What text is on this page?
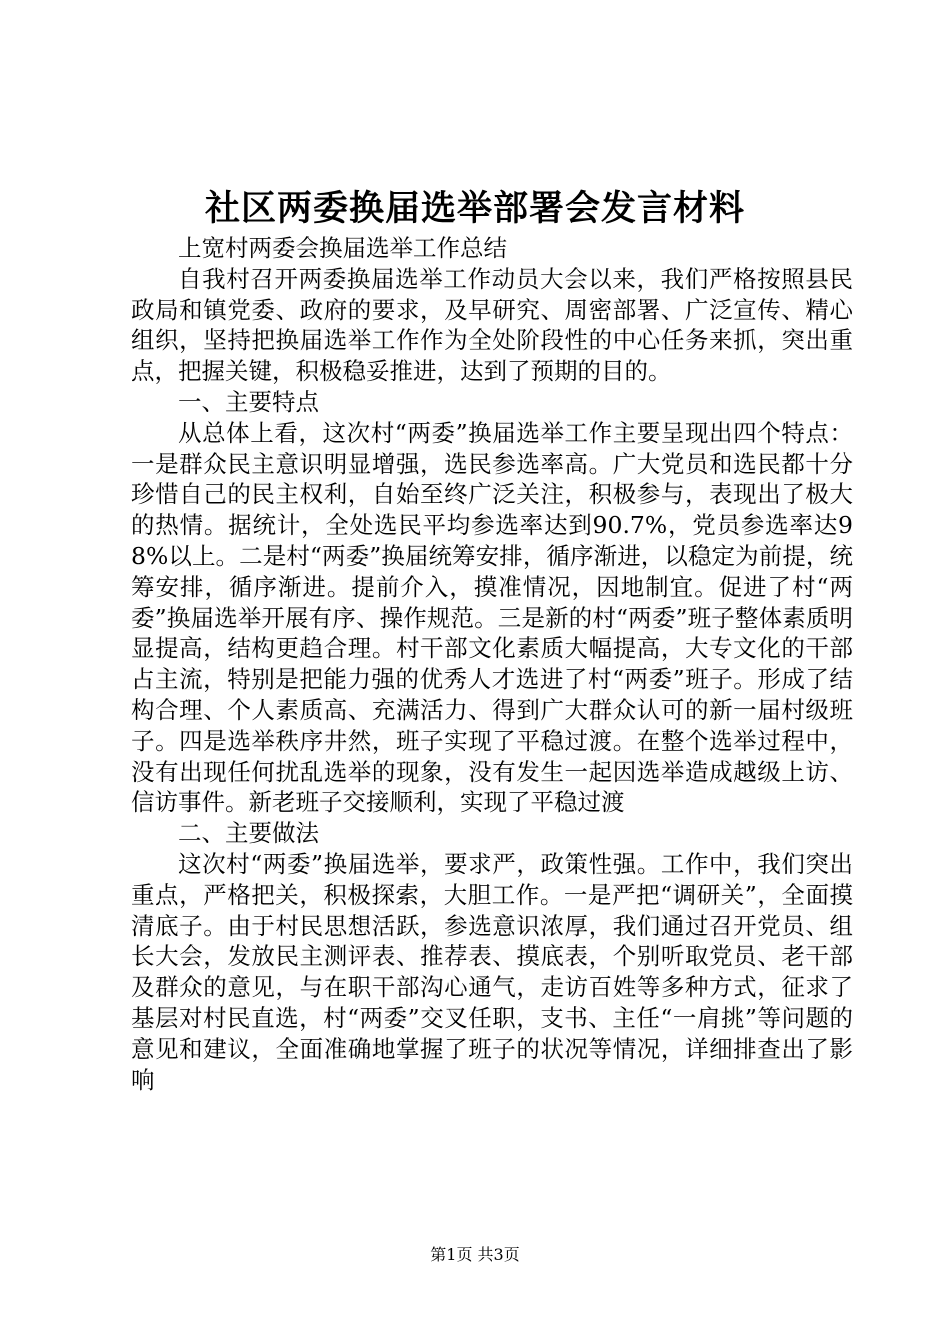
社区两委换届选举部署会发言材料

上宽村两委会换届选举工作总结

自我村召开两委换届选举工作动员大会以来，我们严格按照县民政局和镇党委、政府的要求，及早研究、周密部署、广泛宣传、精心组织，坚持把换届选举工作作为全处阶段性的中心任务来抓，突出重点，把握关键，积极稳妥推进，达到了预期的目的。

一、主要特点

从总体上看，这次村“两委”换届选举工作主要呈现出四个特点：一是群众民主意识明显增强，选民参选率高。广大党员和选民都十分珍惜自己的民主权利，自始至终广泛关注，积极参与，表现出了极大的热情。据统计，全处选民平均参选率达到90.7%，党员参选率达98%以上。二是村“两委”换届统筹安排，循序渐进，以稳定为前提，统筹安排，循序渐进。提前介入，摸准情况，因地制宜。促进了村“两委”换届选举开展有序、操作规范。三是新的村“两委”班子整体素质明显提高，结构更趋合理。村干部文化素质大幅提高，大专文化的干部占主流，特别是把能力强的优秀人才选进了村“两委”班子。形成了结构合理、个人素质高、充满活力、得到广大群众认可的新一届村级班子。四是选举秩序井然，班子实现了平稳过渡。在整个选举过程中，没有出现任何扰乱选举的现象，没有发生一起因选举造成越级上访、信访事件。新老班子交接顺利，实现了平稳过渡

二、主要做法

这次村“两委”换届选举，要求严，政策性强。工作中，我们突出重点，严格把关，积极探索，大胆工作。一是严把“调研关”，全面摸清底子。由于村民思想活跃，参选意识浓厚，我们通过召开党员、组长大会，发放民主测评表、推荐表、摸底表，个别听取党员、老干部及群众的意见，与在职干部沟心通气，走访百姓等多种方式，征求了基层对村民直选，村“两委”交叉任职，支书、主任“一肩挑”等问题的意见和建议，全面准确地掌握了班子的状况等情况，详细排查出了影响

第1页 共3页
